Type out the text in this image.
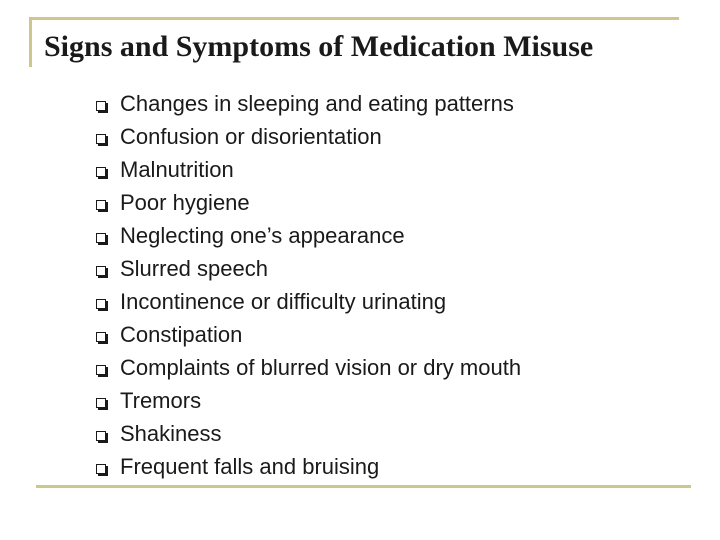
Signs and Symptoms of Medication Misuse
Changes in sleeping and eating patterns
Confusion or disorientation
Malnutrition
Poor hygiene
Neglecting one’s appearance
Slurred speech
Incontinence or difficulty urinating
Constipation
Complaints of blurred vision or dry mouth
Tremors
Shakiness
Frequent falls and bruising
